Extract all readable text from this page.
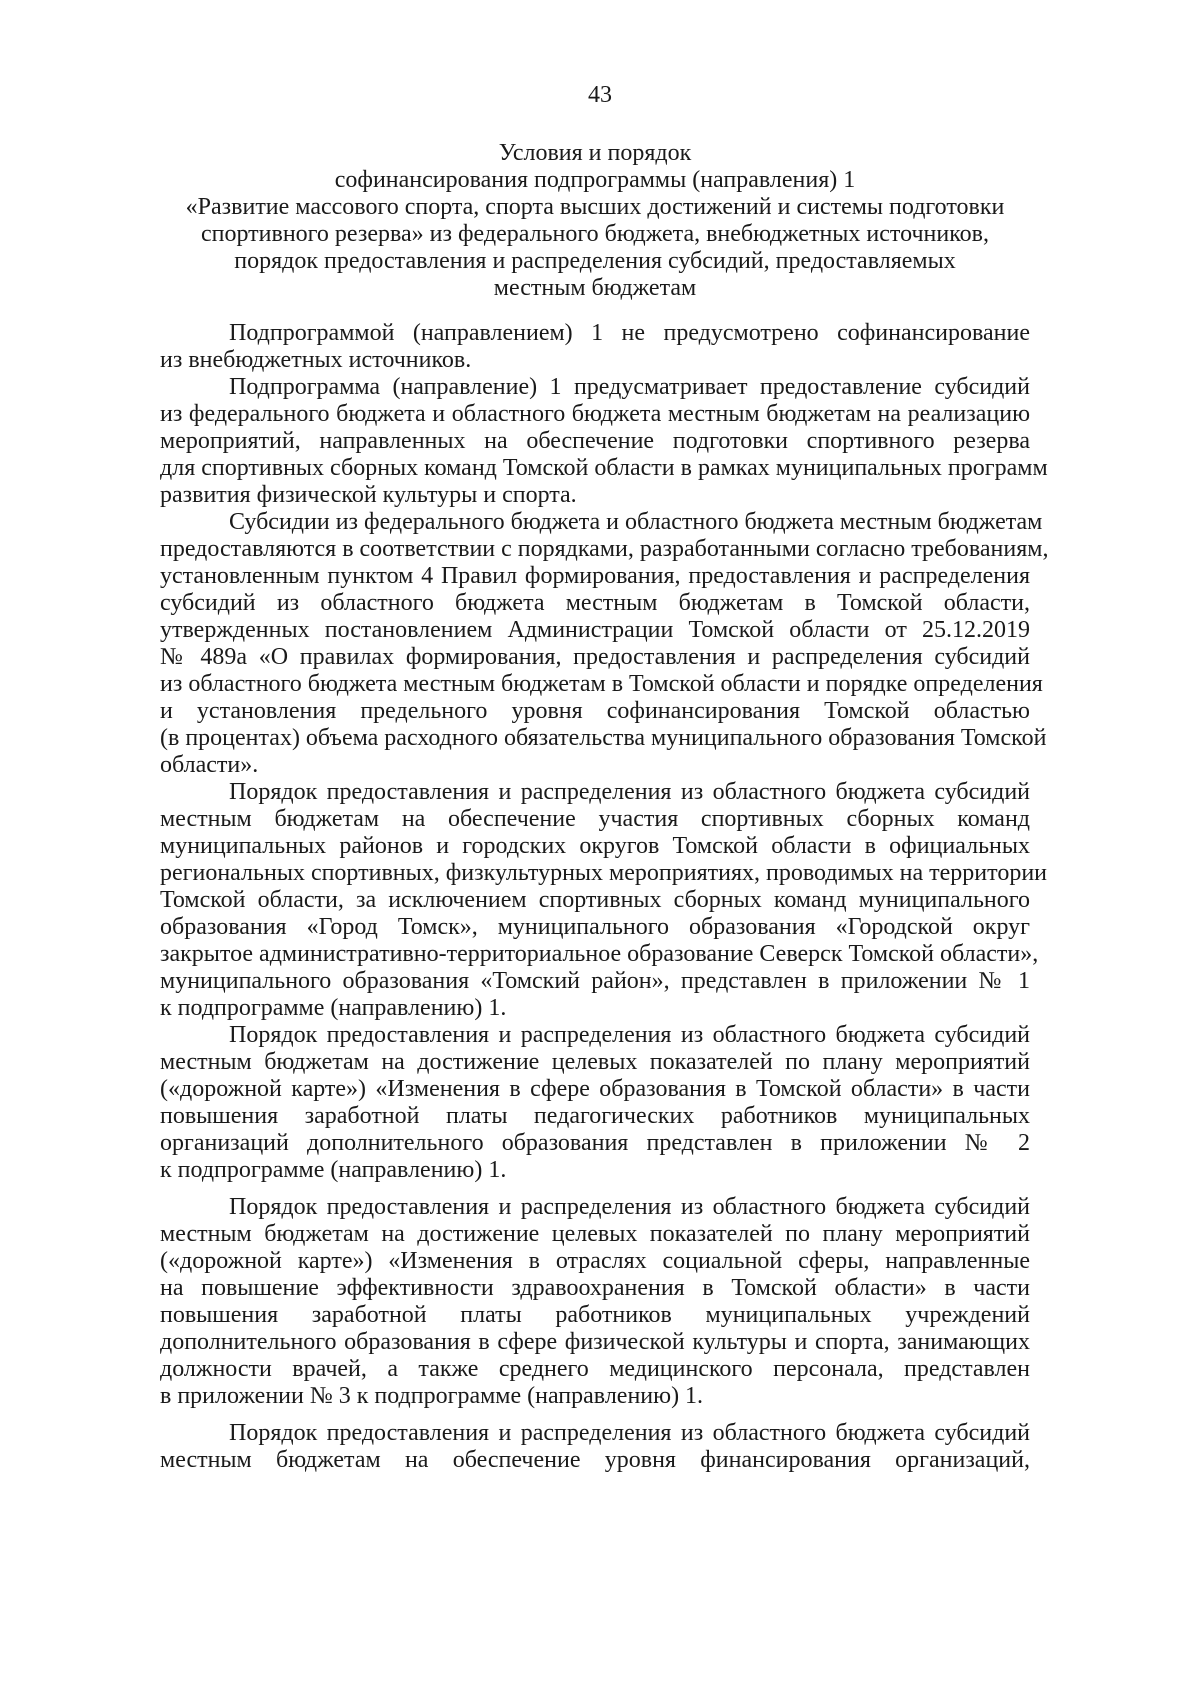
43
Условия и порядок
софинансирования подпрограммы (направления) 1
«Развитие массового спорта, спорта высших достижений и системы подготовки
спортивного резерва» из федерального бюджета, внебюджетных источников,
порядок предоставления и распределения субсидий, предоставляемых
местным бюджетам
Подпрограммой (направлением) 1 не предусмотрено софинансирование
из внебюджетных источников.
Подпрограмма (направление) 1 предусматривает предоставление субсидий
из федерального бюджета и областного бюджета местным бюджетам на реализацию
мероприятий, направленных на обеспечение подготовки спортивного резерва
для спортивных сборных команд Томской области в рамках муниципальных программ
развития физической культуры и спорта.
Субсидии из федерального бюджета и областного бюджета местным бюджетам
предоставляются в соответствии с порядками, разработанными согласно требованиям,
установленным пунктом 4 Правил формирования, предоставления и распределения
субсидий из областного бюджета местным бюджетам в Томской области,
утвержденных постановлением Администрации Томской области от 25.12.2019
№ 489а «О правилах формирования, предоставления и распределения субсидий
из областного бюджета местным бюджетам в Томской области и порядке определения
и установления предельного уровня софинансирования Томской областью
(в процентах) объема расходного обязательства муниципального образования Томской
области».
Порядок предоставления и распределения из областного бюджета субсидий
местным бюджетам на обеспечение участия спортивных сборных команд
муниципальных районов и городских округов Томской области в официальных
региональных спортивных, физкультурных мероприятиях, проводимых на территории
Томской области, за исключением спортивных сборных команд муниципального
образования «Город Томск», муниципального образования «Городской округ
закрытое административно-территориальное образование Северск Томской области»,
муниципального образования «Томский район», представлен в приложении № 1
к подпрограмме (направлению) 1.
Порядок предоставления и распределения из областного бюджета субсидий
местным бюджетам на достижение целевых показателей по плану мероприятий
(«дорожной карте») «Изменения в сфере образования в Томской области» в части
повышения заработной платы педагогических работников муниципальных
организаций дополнительного образования представлен в приложении № 2
к подпрограмме (направлению) 1.
Порядок предоставления и распределения из областного бюджета субсидий
местным бюджетам на достижение целевых показателей по плану мероприятий
(«дорожной карте») «Изменения в отраслях социальной сферы, направленные
на повышение эффективности здравоохранения в Томской области» в части
повышения заработной платы работников муниципальных учреждений
дополнительного образования в сфере физической культуры и спорта, занимающих
должности врачей, а также среднего медицинского персонала, представлен
в приложении № 3 к подпрограмме (направлению) 1.
Порядок предоставления и распределения из областного бюджета субсидий
местным бюджетам на обеспечение уровня финансирования организаций,
